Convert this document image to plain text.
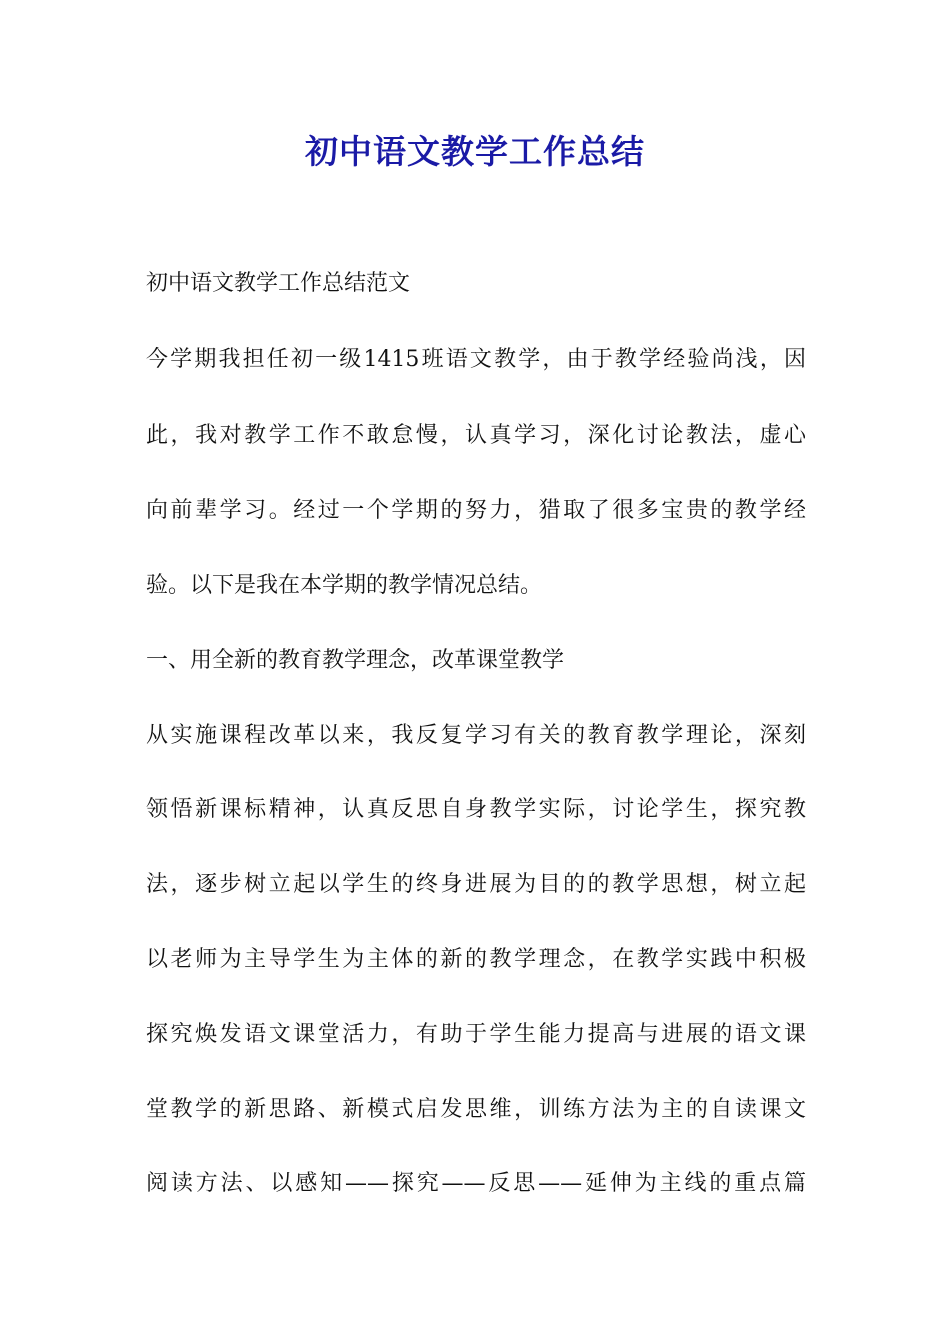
初中语文教学工作总结
初中语文教学工作总结范文
今学期我担任初一级1415班语文教学，由于教学经验尚浅，因
此，我对教学工作不敢怠慢，认真学习，深化讨论教法，虚心
向前辈学习。经过一个学期的努力，猎取了很多宝贵的教学经
验。以下是我在本学期的教学情况总结。
一、用全新的教育教学理念，改革课堂教学
从实施课程改革以来，我反复学习有关的教育教学理论，深刻
领悟新课标精神，认真反思自身教学实际，讨论学生，探究教
法，逐步树立起以学生的终身进展为目的的教学思想，树立起
以老师为主导学生为主体的新的教学理念，在教学实践中积极
探究焕发语文课堂活力，有助于学生能力提高与进展的语文课
堂教学的新思路、新模式启发思维，训练方法为主的自读课文
阅读方法、以感知——探究——反思——延伸为主线的重点篇
